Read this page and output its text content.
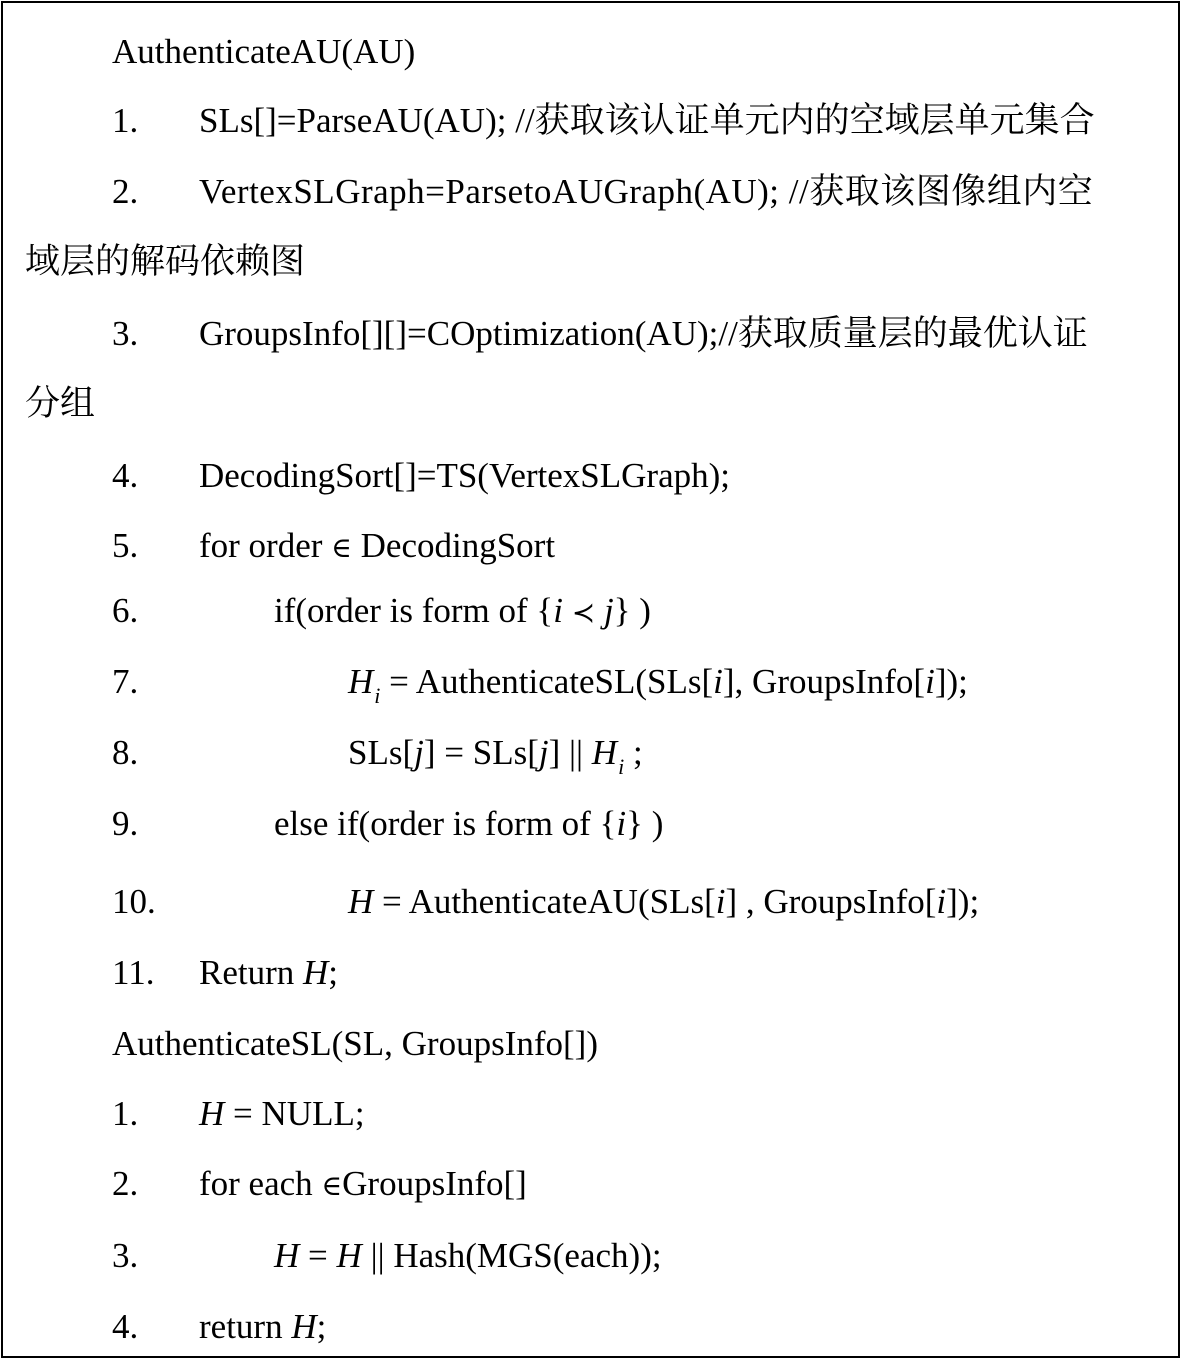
AuthenticateAU(AU)
1. SLs[]=ParseAU(AU); //获取该认证单元内的空域层单元集合
2. VertexSLGraph=ParsetoAUGraph(AU); //获取该图像组内空
域层的解码依赖图
3. GroupsInfo[][]=COptimization(AU);//获取质量层的最优认证
分组
4. DecodingSort[]=TS(VertexSLGraph);
5. for order ∈ DecodingSort
6.	if(order is form of {i ≺ j} )
7.	$H_i$ = AuthenticateSL(SLs[i], GroupsInfo[i]);
8.	SLs[j] = SLs[j] || $H_i$ ;
9.	else if(order is form of {i} )
10.	H = AuthenticateAU(SLs[i] , GroupsInfo[i]);
11. Return H;
AuthenticateSL(SL, GroupsInfo[])
1. H = NULL;
2. for each ∈GroupsInfo[]
3.	H = H || Hash(MGS(each));
4. return H;
